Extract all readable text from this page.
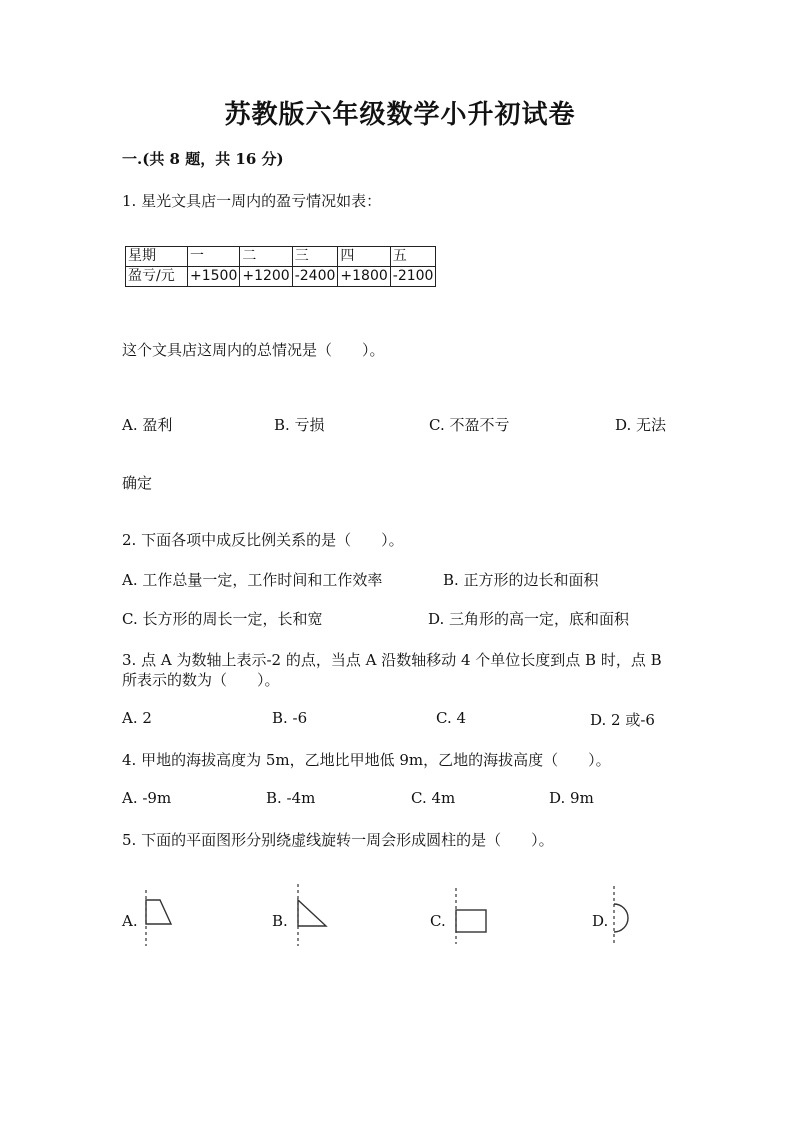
苏教版六年级数学小升初试卷
一.(共 8 题，共 16 分)
1. 星光文具店一周内的盈亏情况如表：
星期	一	二	三	四	五
盈亏/元	+1500	+1200	-2400	+1800	-2100
这个文具店这周内的总情况是（　　）。
A. 盈利	B. 亏损	C. 不盈不亏	D. 无法
确定
2. 下面各项中成反比例关系的是（　　）。
A. 工作总量一定，工作时间和工作效率	B. 正方形的边长和面积
C. 长方形的周长一定，长和宽	D. 三角形的高一定，底和面积
3. 点 A 为数轴上表示-2 的点，当点 A 沿数轴移动 4 个单位长度到点 B 时，点 B
所表示的数为（　　）。
A. 2	B. -6	C. 4	D. 2 或-6
4. 甲地的海拔高度为 5m，乙地比甲地低 9m，乙地的海拔高度（　　）。
A. -9m	B. -4m	C. 4m	D. 9m
5. 下面的平面图形分别绕虚线旋转一周会形成圆柱的是（　　）。
A.	B.	C.	D.
